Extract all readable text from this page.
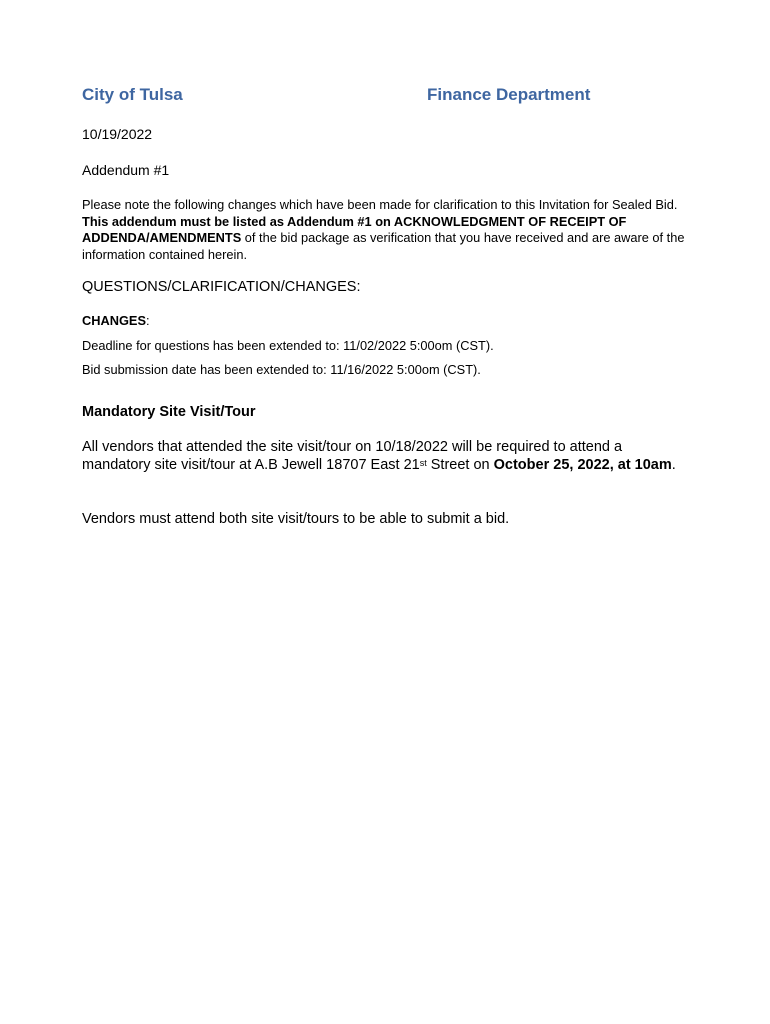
City of Tulsa	Finance Department

10/19/2022

Addendum #1

Please note the following changes which have been made for clarification to this Invitation for Sealed Bid. This addendum must be listed as Addendum #1 on ACKNOWLEDGMENT OF RECEIPT OF ADDENDA/AMENDMENTS of the bid package as verification that you have received and are aware of the information contained herein.

QUESTIONS/CLARIFICATION/CHANGES:

CHANGES:

Deadline for questions has been extended to: 11/02/2022 5:00om (CST).

Bid submission date has been extended to: 11/16/2022 5:00om (CST).

Mandatory Site Visit/Tour

All vendors that attended the site visit/tour on 10/18/2022 will be required to attend a mandatory site visit/tour at A.B Jewell 18707 East 21st Street on October 25, 2022, at 10am.

Vendors must attend both site visit/tours to be able to submit a bid.
